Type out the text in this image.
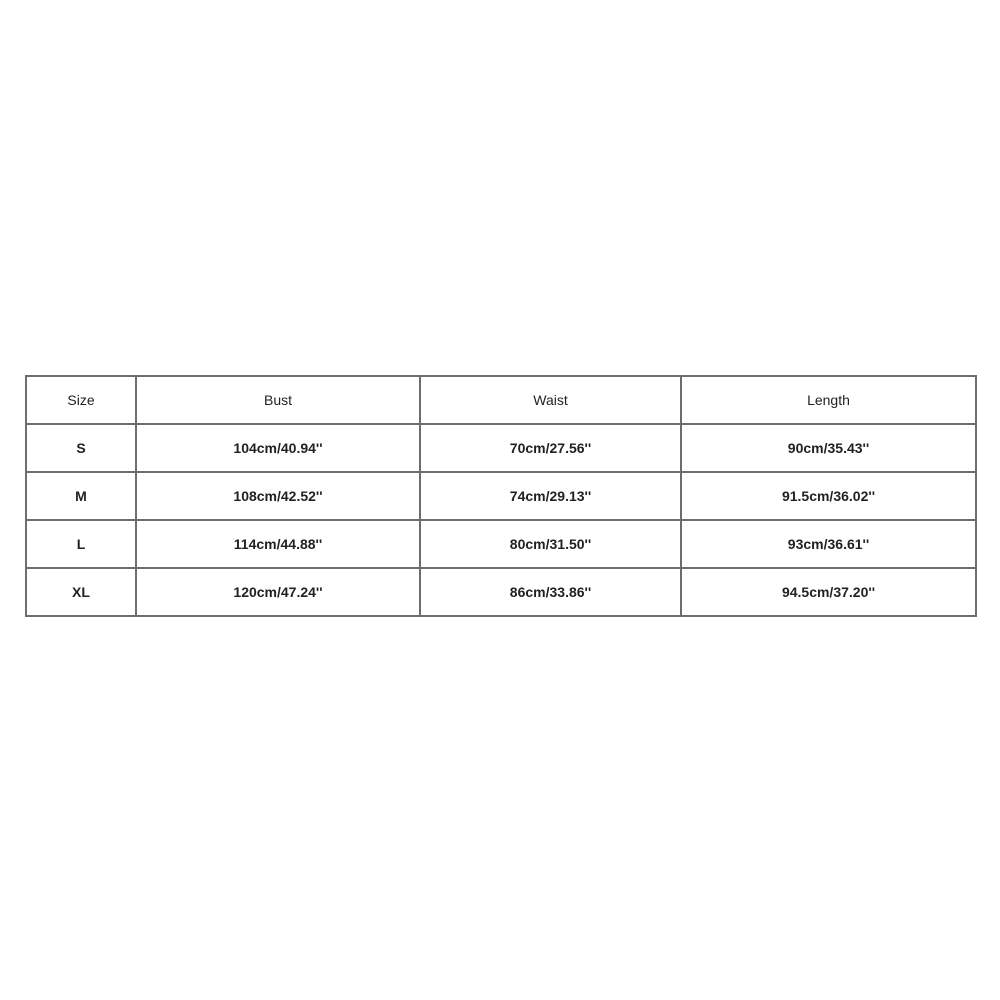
Size	Bust	Waist	Length
S	104cm/40.94''	70cm/27.56''	90cm/35.43''
M	108cm/42.52''	74cm/29.13''	91.5cm/36.02''
L	114cm/44.88''	80cm/31.50''	93cm/36.61''
XL	120cm/47.24''	86cm/33.86''	94.5cm/37.20''
